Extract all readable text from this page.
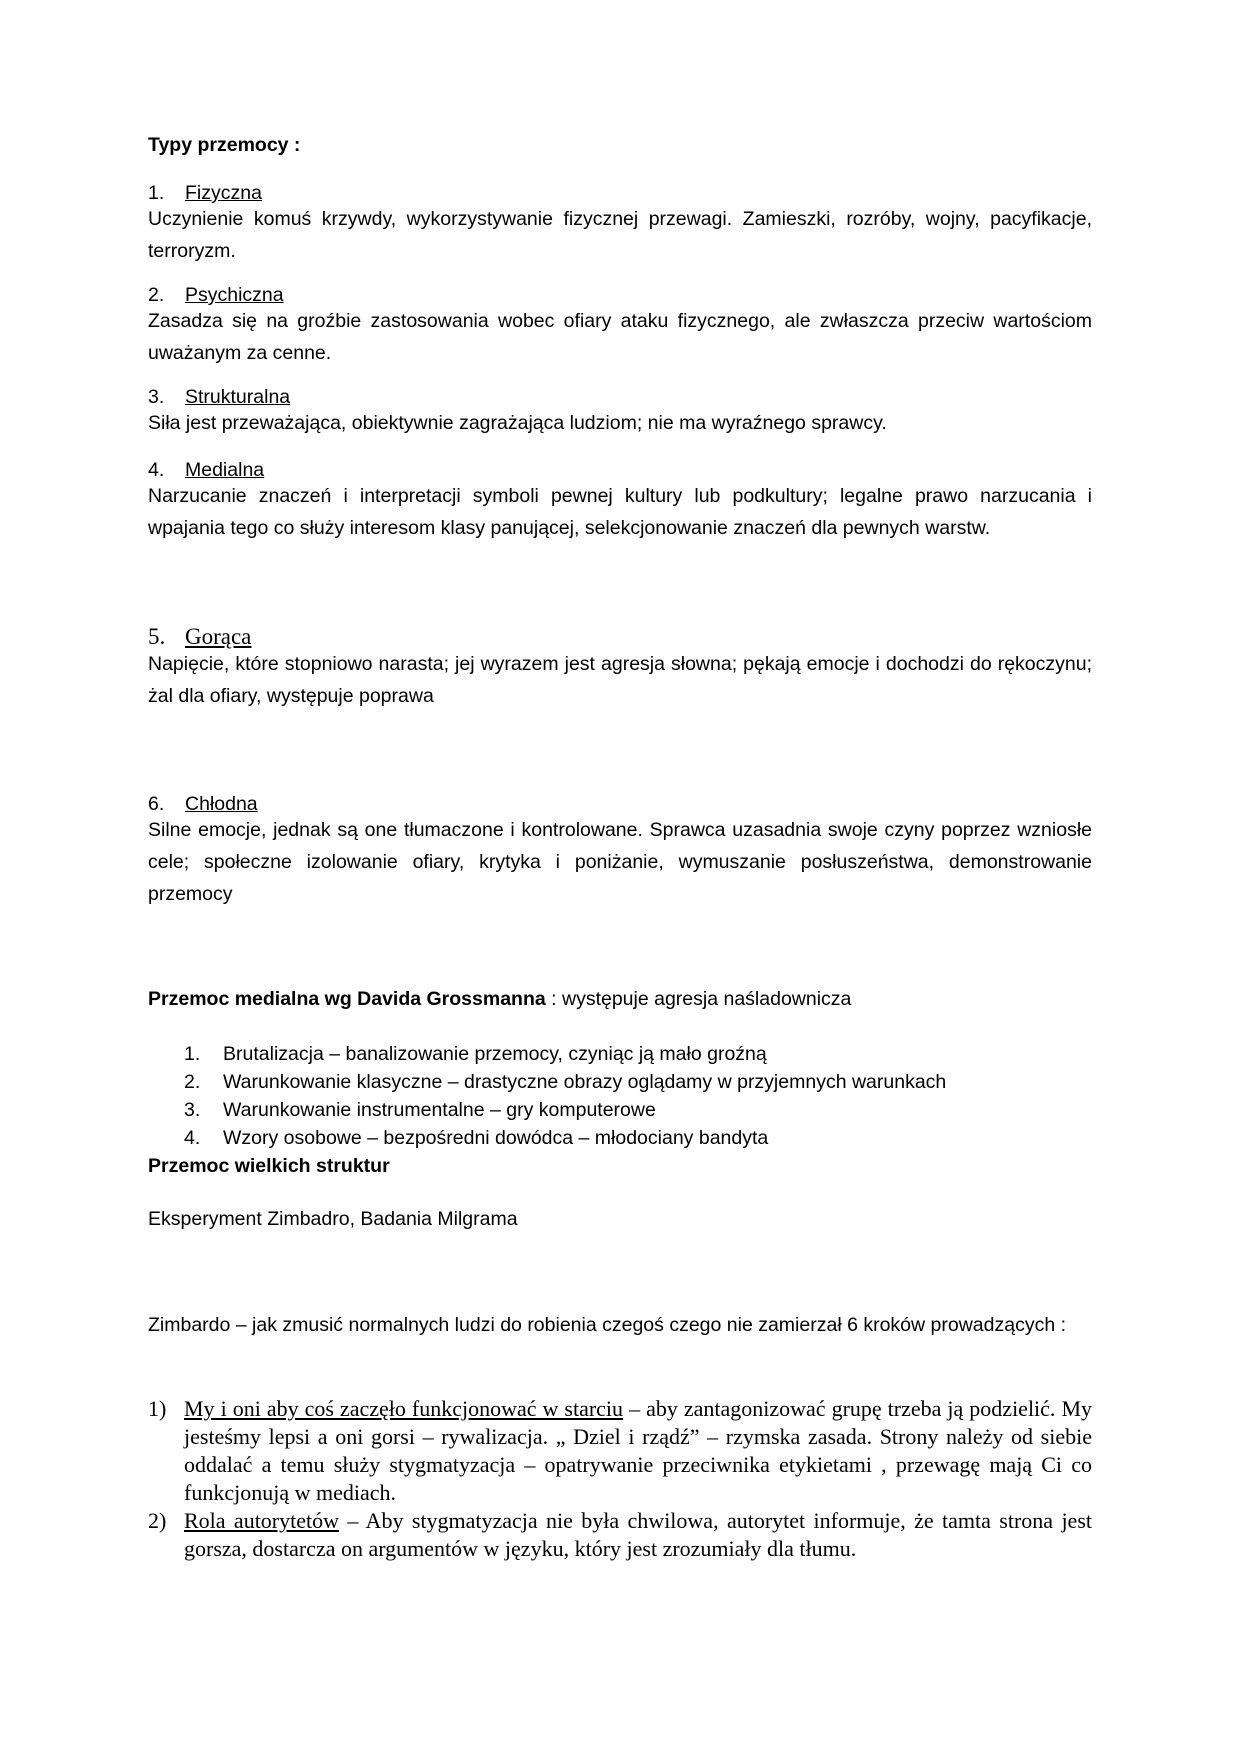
Typy przemocy :

1. Fizyczna

Uczynienie komuś krzywdy, wykorzystywanie fizycznej przewagi. Zamieszki, rozróby, wojny, pacyfikacje, terroryzm.

2. Psychiczna

Zasadza się na groźbie zastosowania wobec ofiary ataku fizycznego, ale zwłaszcza przeciw wartościom uważanym za cenne.

3. Strukturalna

Siła jest przeważająca, obiektywnie zagrażająca ludziom; nie ma wyraźnego sprawcy.

4. Medialna

Narzucanie znaczeń i interpretacji symboli pewnej kultury lub podkultury; legalne prawo narzucania i wpajania tego co służy interesom klasy panującej, selekcjonowanie znaczeń dla pewnych warstw.

5. Gorąca

Napięcie, które stopniowo narasta; jej wyrazem jest agresja słowna; pękają emocje i dochodzi do rękoczynu; żal dla ofiary, występuje poprawa

6. Chłodna

Silne emocje, jednak są one tłumaczone i kontrolowane. Sprawca uzasadnia swoje czyny poprzez wzniosłe cele; społeczne izolowanie ofiary, krytyka i poniżanie, wymuszanie posłuszeństwa, demonstrowanie przemocy

Przemoc medialna wg Davida Grossmanna : występuje agresja naśladownicza

1. Brutalizacja – banalizowanie przemocy, czyniąc ją mało groźną
2. Warunkowanie klasyczne – drastyczne obrazy oglądamy w przyjemnych warunkach
3. Warunkowanie instrumentalne – gry komputerowe
4. Wzory osobowe – bezpośredni dowódca – młodociany bandyta

Przemoc wielkich struktur

Eksperyment Zimbadro, Badania Milgrama

Zimbardo – jak zmusić normalnych ludzi do robienia czegoś czego nie zamierzał 6 kroków prowadzących :

1) My i oni aby coś zaczęło funkcjonować w starciu – aby zantagonizować grupę trzeba ją podzielić. My jesteśmy lepsi a oni gorsi – rywalizacja. „ Dziel i rządź” – rzymska zasada. Strony należy od siebie oddalać a temu służy stygmatyzacja – opatrywanie przeciwnika etykietami , przewagę mają Ci co funkcjonują w mediach.
2) Rola autorytetów – Aby stygmatyzacja nie była chwilowa, autorytet informuje, że tamta strona jest gorsza, dostarcza on argumentów w języku, który jest zrozumiały dla tłumu.
